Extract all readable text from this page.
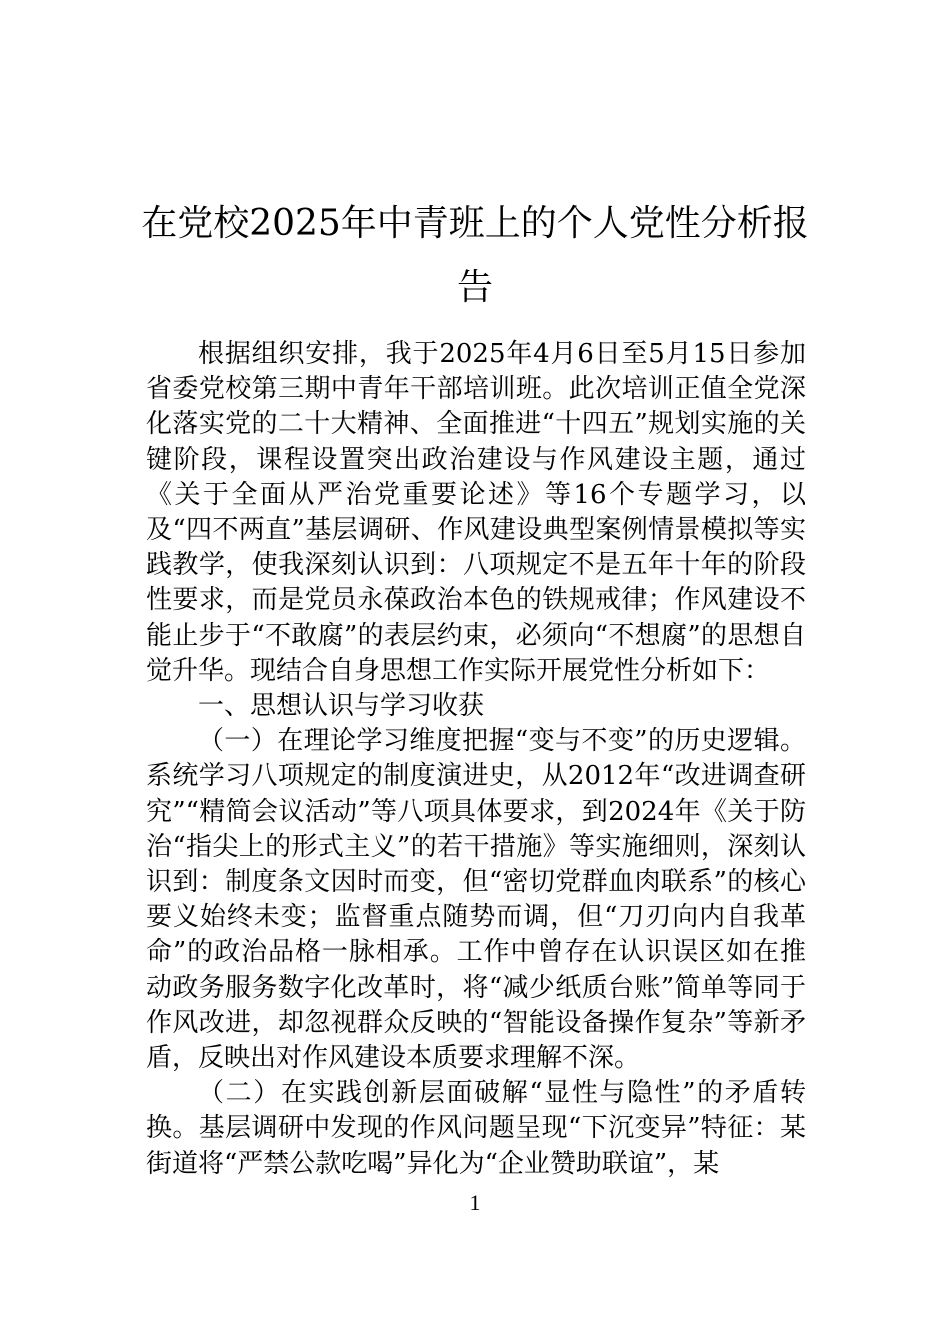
在党校2025年中青班上的个人党性分析报告

根据组织安排，我于2025年4月6日至5月15日参加省委党校第三期中青年干部培训班。此次培训正值全党深化落实党的二十大精神、全面推进“十四五”规划实施的关键阶段，课程设置突出政治建设与作风建设主题，通过《关于全面从严治党重要论述》等16个专题学习，以及“四不两直”基层调研、作风建设典型案例情景模拟等实践教学，使我深刻认识到：八项规定不是五年十年的阶段性要求，而是党员永葆政治本色的铁规戒律；作风建设不能止步于“不敢腐”的表层约束，必须向“不想腐”的思想自觉升华。现结合自身思想工作实际开展党性分析如下：

一、思想认识与学习收获

（一）在理论学习维度把握“变与不变”的历史逻辑。系统学习八项规定的制度演进史，从2012年“改进调查研究”“精简会议活动”等八项具体要求，到2024年《关于防治“指尖上的形式主义”的若干措施》等实施细则，深刻认识到：制度条文因时而变，但“密切党群血肉联系”的核心要义始终未变；监督重点随势而调，但“刀刃向内自我革命”的政治品格一脉相承。工作中曾存在认识误区如在推动政务服务数字化改革时，将“减少纸质台账”简单等同于作风改进，却忽视群众反映的“智能设备操作复杂”等新矛盾，反映出对作风建设本质要求理解不深。

（二）在实践创新层面破解“显性与隐性”的矛盾转换。基层调研中发现的作风问题呈现“下沉变异”特征：某街道将“严禁公款吃喝”异化为“企业赞助联谊”，某

1
